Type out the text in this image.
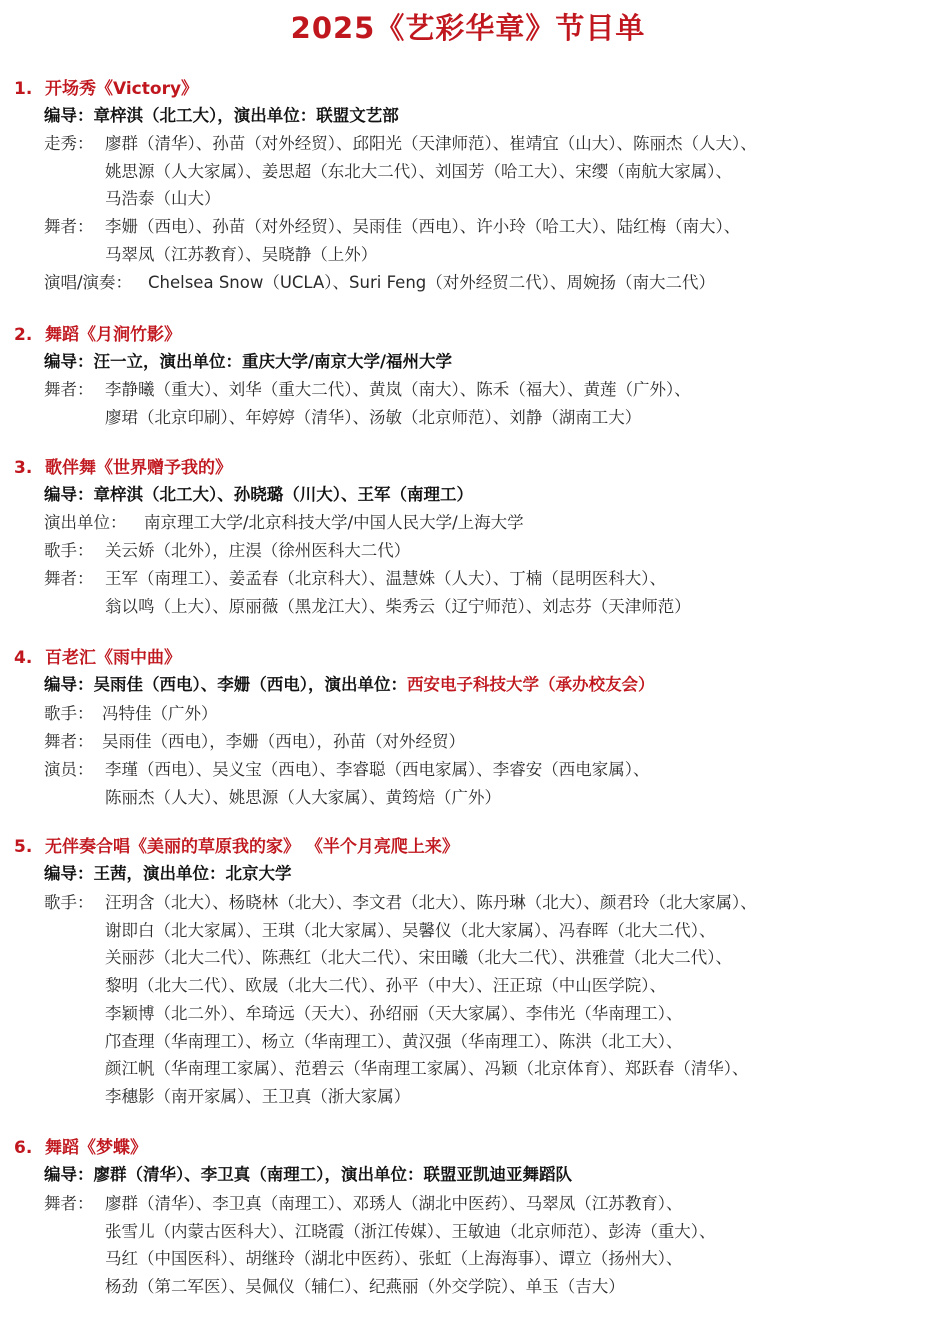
2025《艺彩华章》节目单
1. 开场秀《Victory》
编导：章梓淇（北工大），演出单位：联盟文艺部
走秀： 廖群（清华）、孙苗（对外经贸）、邱阳光（天津师范）、崔靖宜（山大）、陈丽杰（人大）、
姚思源（人大家属）、姜思超（东北大二代）、刘国芳（哈工大）、宋缨（南航大家属）、
马浩泰（山大）
舞者： 李姗（西电）、孙苗（对外经贸）、吴雨佳（西电）、许小玲（哈工大）、陆红梅（南大）、
马翠凤（江苏教育）、吴晓静（上外）
演唱/演奏： Chelsea Snow（UCLA）、Suri Feng（对外经贸二代）、周婉扬（南大二代）
2. 舞蹈《月涧竹影》
编导：汪一立，演出单位：重庆大学/南京大学/福州大学
舞者： 李静曦（重大）、刘华（重大二代）、黄岚（南大）、陈禾（福大）、黄莲（广外）、
廖珺（北京印刷）、年婷婷（清华）、汤敏（北京师范）、刘静（湖南工大）
3. 歌伴舞《世界赠予我的》
编导：章梓淇（北工大）、孙晓璐（川大）、王军（南理工）
演出单位： 南京理工大学/北京科技大学/中国人民大学/上海大学
歌手： 关云娇（北外），庄淏（徐州医科大二代）
舞者： 王军（南理工）、姜孟春（北京科大）、温慧姝（人大）、丁楠（昆明医科大）、
翁以鸣（上大）、原丽薇（黑龙江大）、柴秀云（辽宁师范）、刘志芬（天津师范）
4. 百老汇《雨中曲》
编导：吴雨佳（西电）、李姗（西电），演出单位：西安电子科技大学（承办校友会）
歌手： 冯特佳（广外）
舞者： 吴雨佳（西电），李姗（西电），孙苗（对外经贸）
演员： 李瑾（西电）、吴义宝（西电）、李睿聪（西电家属）、李睿安（西电家属）、
陈丽杰（人大）、姚思源（人大家属）、黄筠焙（广外）
5. 无伴奏合唱《美丽的草原我的家》 《半个月亮爬上来》
编导：王茜，演出单位：北京大学
歌手： 汪玥含（北大）、杨晓林（北大）、李文君（北大）、陈丹琳（北大）、颜君玲（北大家属）、
谢即白（北大家属）、王琪（北大家属）、吴馨仪（北大家属）、冯春晖（北大二代）、
关丽莎（北大二代）、陈燕红（北大二代）、宋田曦（北大二代）、洪雅萱（北大二代）、
黎明（北大二代）、欧晟（北大二代）、孙平（中大）、汪正琼（中山医学院）、
李颖博（北二外）、牟琦远（天大）、孙绍丽（天大家属）、李伟光（华南理工）、
邝查理（华南理工）、杨立（华南理工）、黄汉强（华南理工）、陈洪（北工大）、
颜江帆（华南理工家属）、范碧云（华南理工家属）、冯颖（北京体育）、郑跃春（清华）、
李穗影（南开家属）、王卫真（浙大家属）
6. 舞蹈《梦蝶》
编导：廖群（清华）、李卫真（南理工），演出单位：联盟亚凯迪亚舞蹈队
舞者： 廖群（清华）、李卫真（南理工）、邓琇人（湖北中医药）、马翠凤（江苏教育）、
张雪儿（内蒙古医科大）、江晓霞（浙江传媒）、王敏迪（北京师范）、彭涛（重大）、
马红（中国医科）、胡继玲（湖北中医药）、张虹（上海海事）、谭立（扬州大）、
杨劲（第二军医）、吴佩仪（辅仁）、纪燕丽（外交学院）、单玉（吉大）
